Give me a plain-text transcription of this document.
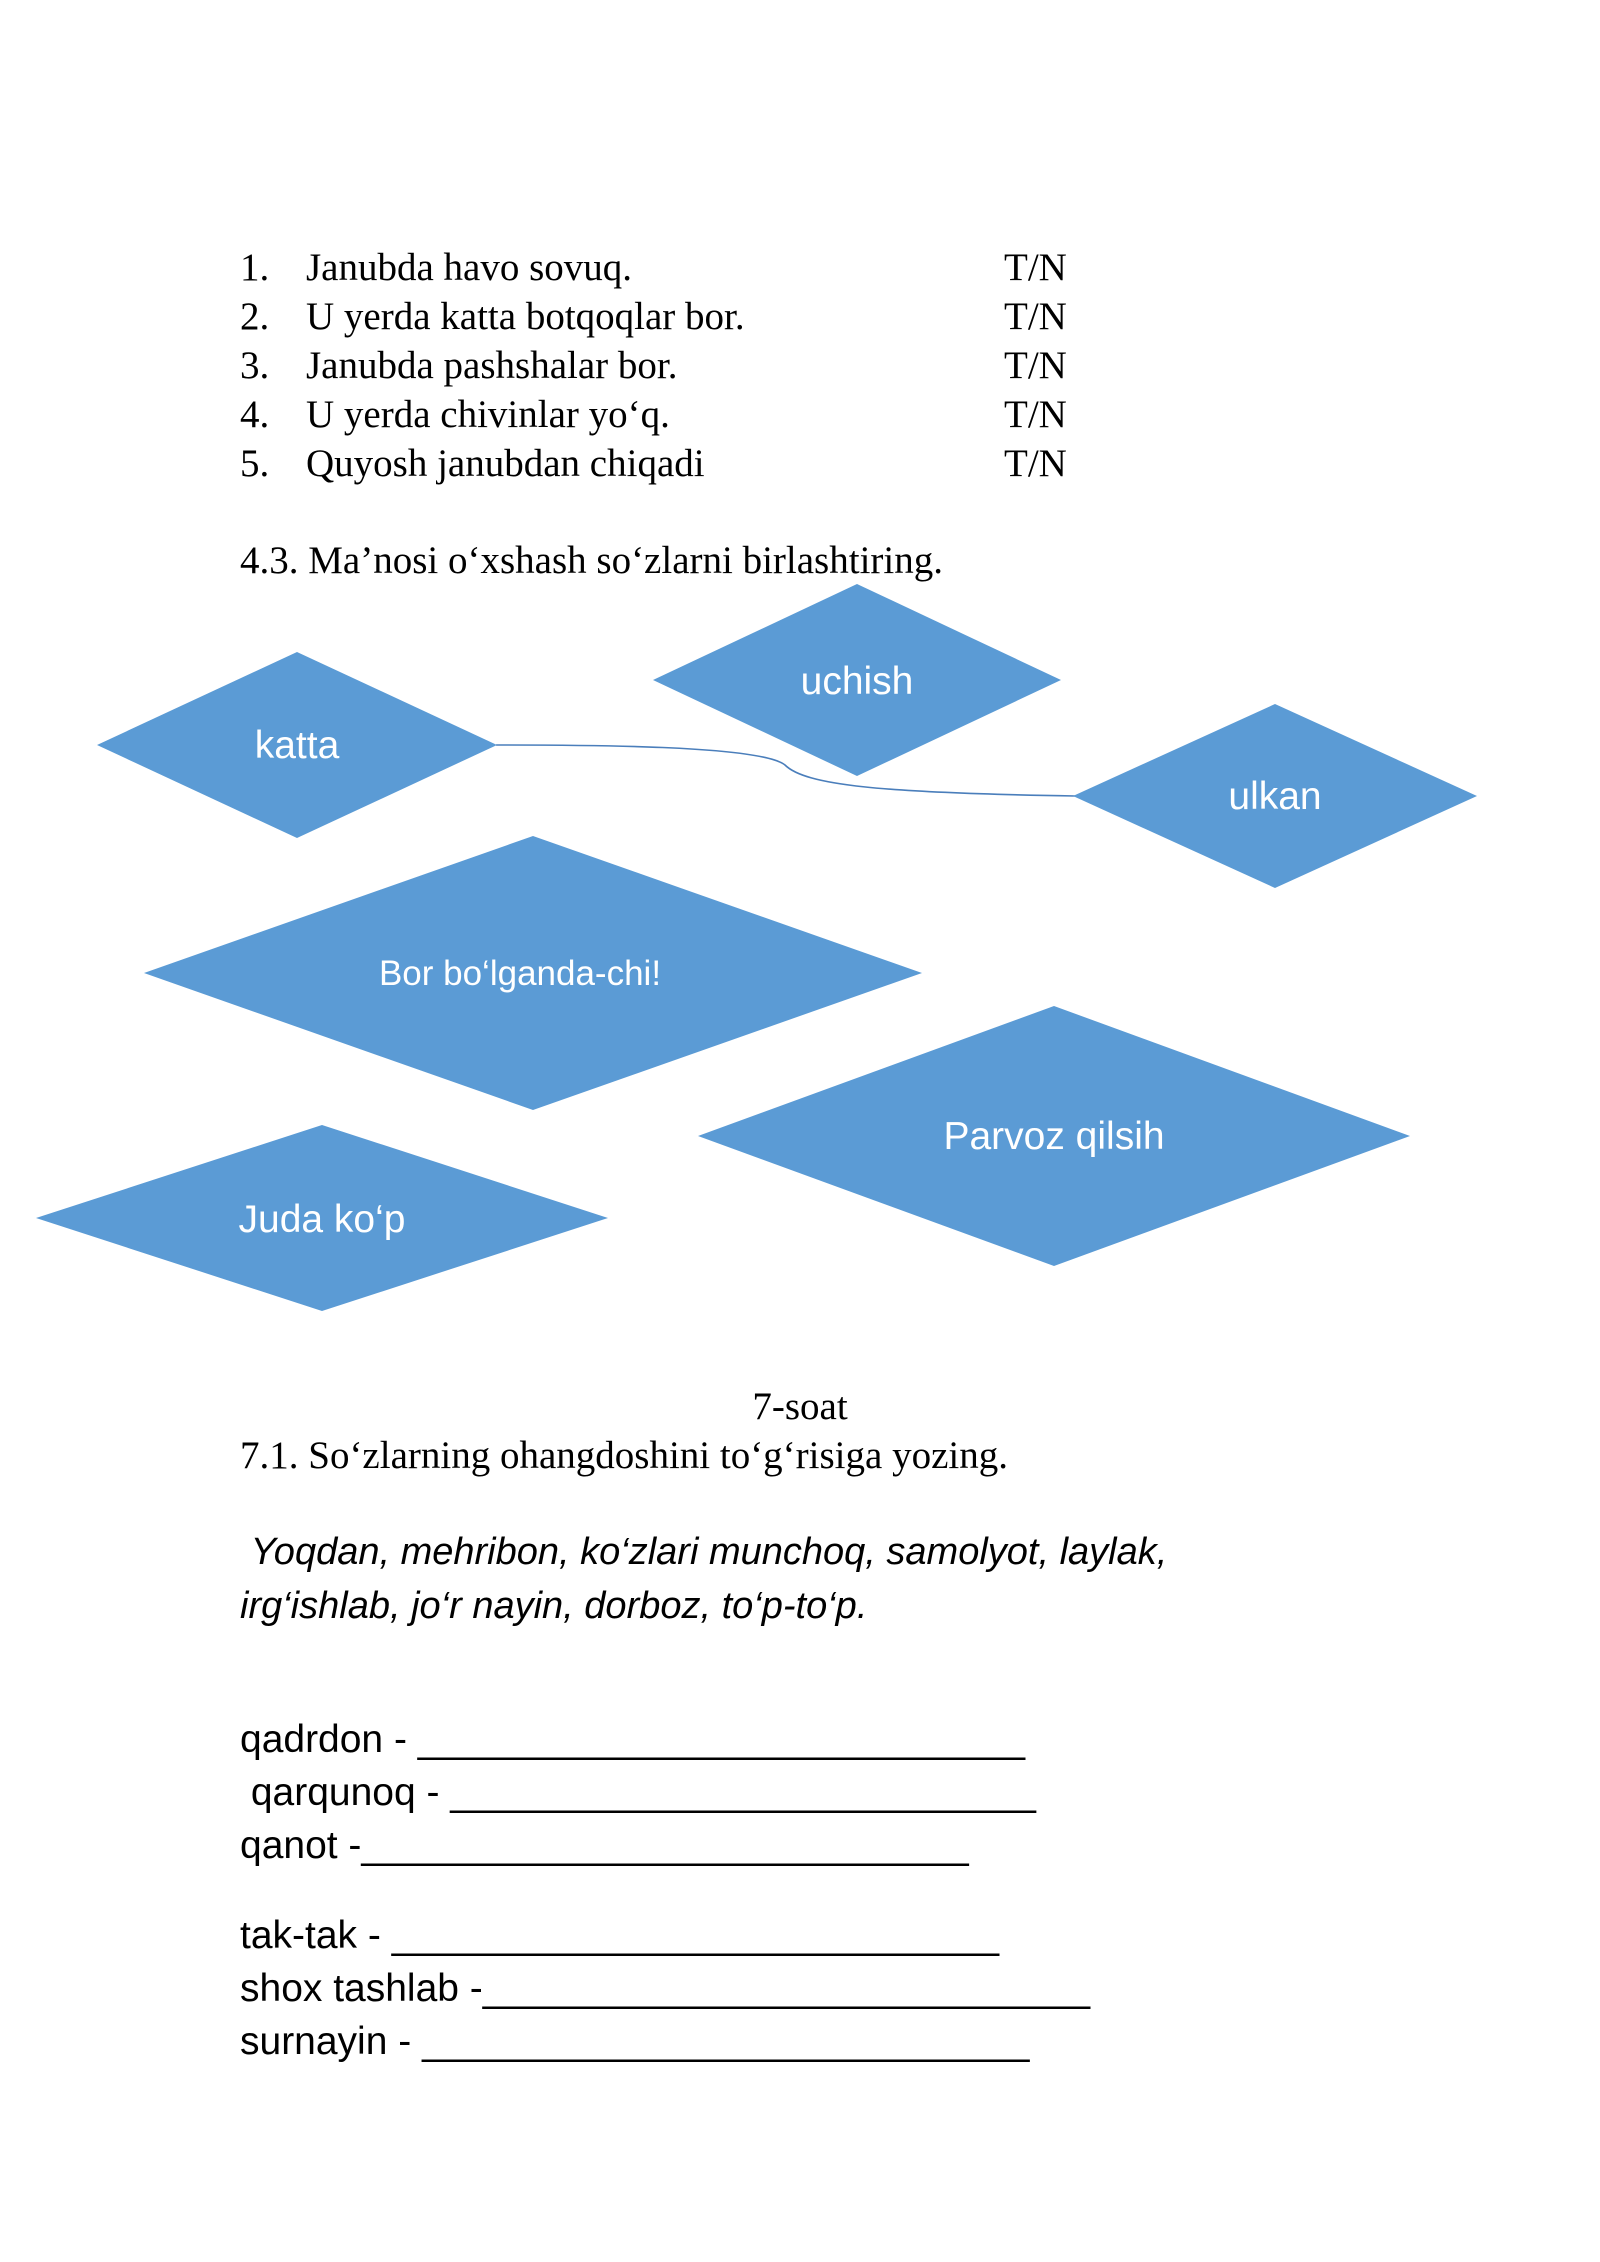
1. Janubda havo sovuq.	T/N
2. U yerda katta botqoqlar bor.	T/N
3. Janubda pashshalar bor.	T/N
4. U yerda chivinlar yo‘q.	T/N
5. Quyosh janubdan chiqadi	T/N
4.3. Ma’nosi o‘xshash so‘zlarni birlashtiring.
katta
uchish
ulkan
Bor bo‘lganda-chi!
Parvoz qilsih
Juda ko‘p
7-soat
7.1. So‘zlarning ohangdoshini to‘g‘risiga yozing.

Yoqdan, mehribon, ko‘zlari munchoq, samolyot, laylak,
irg‘ishlab, jo‘r nayin, dorboz, to‘p-to‘p.

qadrdon - ____________________________

qarqunoq - ___________________________

qanot -____________________________

tak-tak - ____________________________

shox tashlab -____________________________

surnayin - ____________________________
